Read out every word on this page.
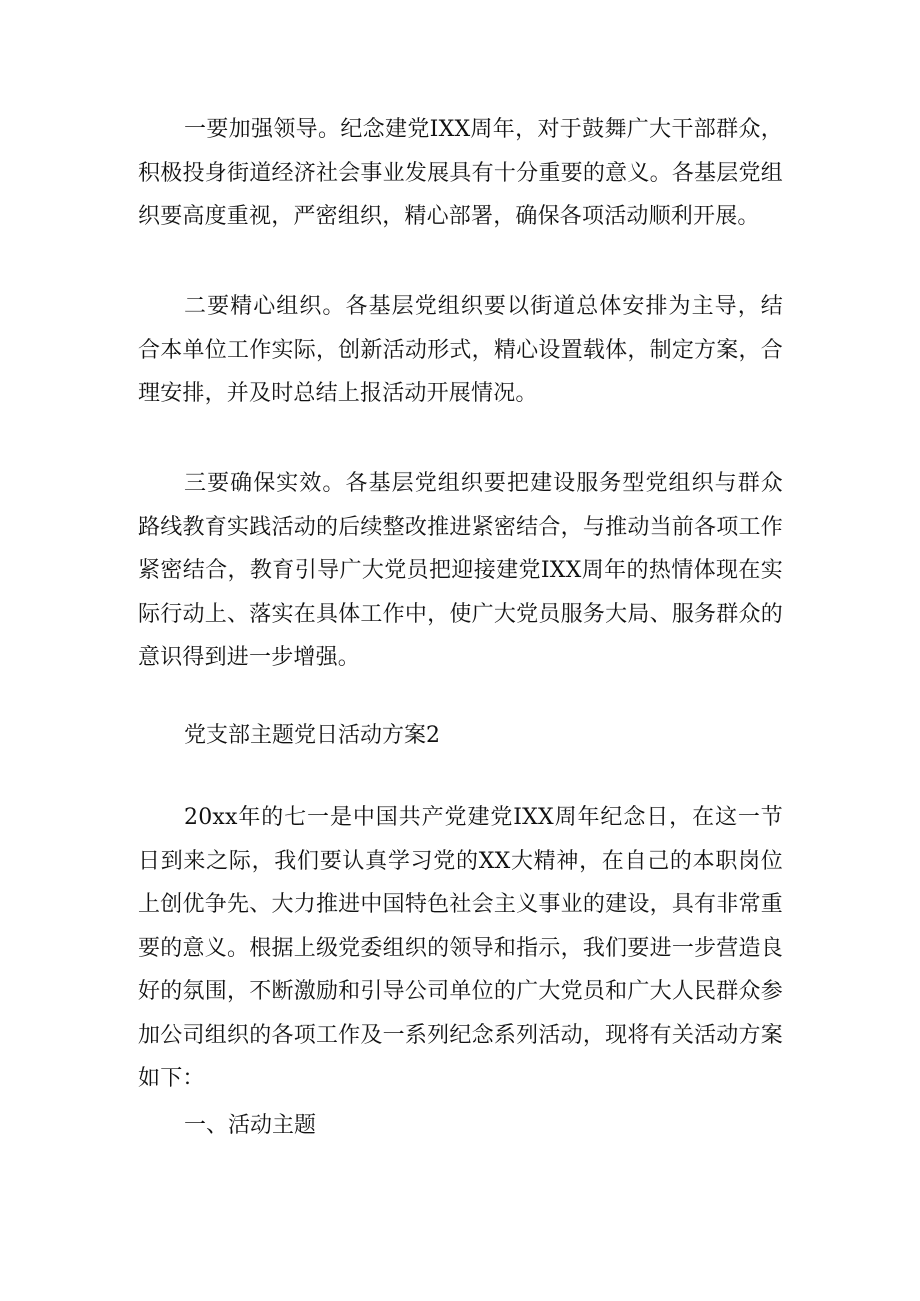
一要加强领导。纪念建党IXX周年，对于鼓舞广大干部群众，积极投身街道经济社会事业发展具有十分重要的意义。各基层党组织要高度重视，严密组织，精心部署，确保各项活动顺利开展。

二要精心组织。各基层党组织要以街道总体安排为主导，结合本单位工作实际，创新活动形式，精心设置载体，制定方案，合理安排，并及时总结上报活动开展情况。

三要确保实效。各基层党组织要把建设服务型党组织与群众路线教育实践活动的后续整改推进紧密结合，与推动当前各项工作紧密结合，教育引导广大党员把迎接建党IXX周年的热情体现在实际行动上、落实在具体工作中，使广大党员服务大局、服务群众的意识得到进一步增强。

党支部主题党日活动方案2

20xx年的七一是中国共产党建党IXX周年纪念日，在这一节日到来之际，我们要认真学习党的XX大精神，在自己的本职岗位上创优争先、大力推进中国特色社会主义事业的建设，具有非常重要的意义。根据上级党委组织的领导和指示，我们要进一步营造良好的氛围，不断激励和引导公司单位的广大党员和广大人民群众参加公司组织的各项工作及一系列纪念系列活动，现将有关活动方案如下：

一、活动主题
